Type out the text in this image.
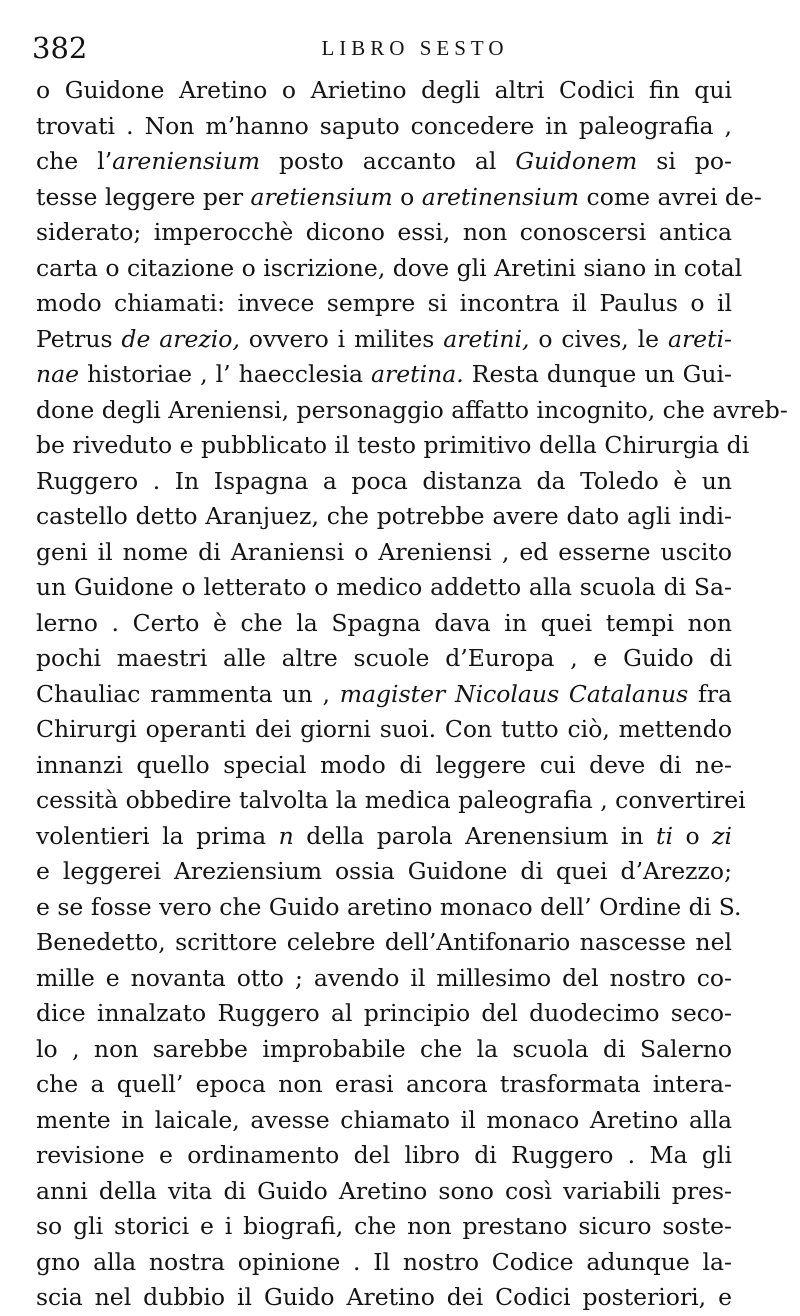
382	LIBRO SESTO
o Guidone Aretino o Arietino degli altri Codici fin qui
trovati . Non m’hanno saputo concedere in paleografia ,
che l’areniensium posto accanto al Guidonem si po-
tesse leggere per aretiensium o aretinensium come avrei de-
siderato; imperocchè dicono essi, non conoscersi antica
carta o citazione o iscrizione, dove gli Aretini siano in cotal
modo chiamati: invece sempre si incontra il Paulus o il
Petrus de arezio, ovvero i milites aretini, o cives, le areti-
nae historiae , l’ haecclesia aretina. Resta dunque un Gui-
done degli Areniensi, personaggio affatto incognito, che avreb-
be riveduto e pubblicato il testo primitivo della Chirurgia di
Ruggero . In Ispagna a poca distanza da Toledo è un
castello detto Aranjuez, che potrebbe avere dato agli indi-
geni il nome di Araniensi o Areniensi , ed esserne uscito
un Guidone o letterato o medico addetto alla scuola di Sa-
lerno . Certo è che la Spagna dava in quei tempi non
pochi maestri alle altre scuole d’Europa , e Guido di
Chauliac rammenta un , magister Nicolaus Catalanus fra
Chirurgi operanti dei giorni suoi. Con tutto ciò, mettendo
innanzi quello special modo di leggere cui deve di ne-
cessità obbedire talvolta la medica paleografia , convertirei
volentieri la prima n della parola Arenensium in ti o zi
e leggerei Areziensium ossia Guidone di quei d’Arezzo;
e se fosse vero che Guido aretino monaco dell’ Ordine di S.
Benedetto, scrittore celebre dell’Antifonario nascesse nel
mille e novanta otto ; avendo il millesimo del nostro co-
dice innalzato Ruggero al principio del duodecimo seco-
lo , non sarebbe improbabile che la scuola di Salerno
che a quell’ epoca non erasi ancora trasformata intera-
mente in laicale, avesse chiamato il monaco Aretino alla
revisione e ordinamento del libro di Ruggero . Ma gli
anni della vita di Guido Aretino sono così variabili pres-
so gli storici e i biografi, che non prestano sicuro soste-
gno alla nostra opinione . Il nostro Codice adunque la-
scia nel dubbio il Guido Aretino dei Codici posteriori, e
